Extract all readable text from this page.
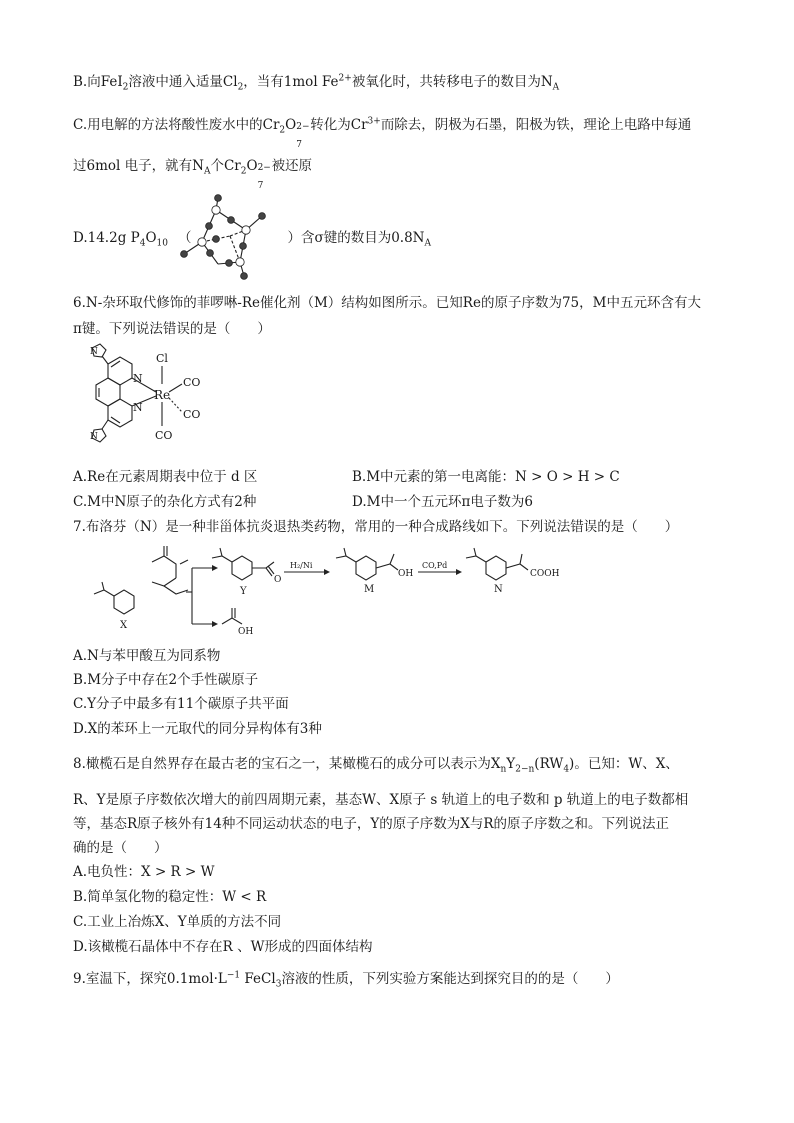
B.向FeI$_2$溶液中通入适量$Cl_2$，当有1mol $Fe^{2+}$被氧化时，共转移电子的数目为$N_A$
C.用电解的方法将酸性废水中的$Cr_2O$ 2−
7
转化为$Cr^{3+}$而除去，阴极为石墨，阳极为铁，理论上电路中每通
过6mol 电子，就有$N_A$个$Cr_2O$ 2−
7
被还原
D.14.2g $P_4O_{10}$ （	）含σ键的数目为$0.8N_A$
6.N-杂环取代修饰的菲啰啉-Re催化剂（M）结构如图所示。已知Re的原子序数为75，M中五元环含有大
π键。下列说法错误的是（　　）
N
N
N
N
Cl
Re
CO
CO
CO
A.Re在元素周期表中位于 d 区	B.M中元素的第一电离能：N > O > H > C
C.M中N原子的杂化方式有2种	D.M中一个五元环π电子数为6
7.布洛芬（N）是一种非甾体抗炎退热类药物，常用的一种合成路线如下。下列说法错误的是（　　）
X
Y
O
OH
H₂/Ni
M
OH
CO,Pd
N
COOH
A.N与苯甲酸互为同系物
B.M分子中存在2个手性碳原子
C.Y分子中最多有11个碳原子共平面
D.X的苯环上一元取代的同分异构体有3种
8.橄榄石是自然界存在最古老的宝石之一，某橄榄石的成分可以表示为$X_nY_{2-n}(RW_4)$。已知：W、X、
R、Y是原子序数依次增大的前四周期元素，基态W、X原子 s 轨道上的电子数和 p 轨道上的电子数都相
等，基态R原子核外有14种不同运动状态的电子，Y的原子序数为X与R的原子序数之和。下列说法正
确的是（　　）
A.电负性：X > R > W
B.简单氢化物的稳定性：W < R
C.工业上冶炼X、Y单质的方法不同
D.该橄榄石晶体中不存在R 、W形成的四面体结构
9.室温下，探究$0.1mol\cdot L^{-1}$ FeCl$_3$溶液的性质，下列实验方案能达到探究目的的是（　　）
